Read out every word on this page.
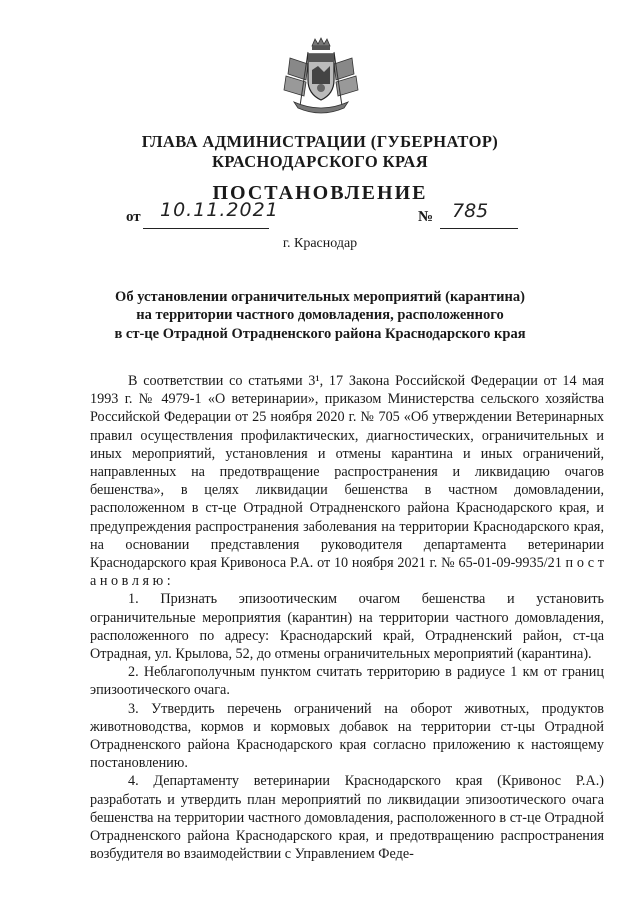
ГЛАВА АДМИНИСТРАЦИИ (ГУБЕРНАТОР)
КРАСНОДАРСКОГО КРАЯ
ПОСТАНОВЛЕНИЕ
от 10.11.2021	№ 785
г. Краснодар
Об установлении ограничительных мероприятий (карантина)
на территории частного домовладения, расположенного
в ст-це Отрадной Отрадненского района Краснодарского края

В соответствии со статьями 3¹, 17 Закона Российской Федерации от 14 мая 1993 г. № 4979-1 «О ветеринарии», приказом Министерства сельского хозяйства Российской Федерации от 25 ноября 2020 г. № 705 «Об утверждении Ветеринарных правил осуществления профилактических, диагностических, ограничительных и иных мероприятий, установления и отмены карантина и иных ограничений, направленных на предотвращение распространения и ликвидацию очагов бешенства», в целях ликвидации бешенства в частном домовладении, расположенном в ст-це Отрадной Отрадненского района Краснодарского края, и предупреждения распространения заболевания на территории Краснодарского края, на основании представления руководителя департамента ветеринарии Краснодарского края Кривоноса Р.А. от 10 ноября 2021 г. № 65-01-09-9935/21 п о с т а н о в л я ю :

1. Признать эпизоотическим очагом бешенства и установить ограничительные мероприятия (карантин) на территории частного домовладения, расположенного по адресу: Краснодарский край, Отрадненский район, ст-ца Отрадная, ул. Крылова, 52, до отмены ограничительных мероприятий (карантина).

2. Неблагополучным пунктом считать территорию в радиусе 1 км от границ эпизоотического очага.

3. Утвердить перечень ограничений на оборот животных, продуктов животноводства, кормов и кормовых добавок на территории ст-цы Отрадной Отрадненского района Краснодарского края согласно приложению к настоящему постановлению.

4. Департаменту ветеринарии Краснодарского края (Кривонос Р.А.) разработать и утвердить план мероприятий по ликвидации эпизоотического очага бешенства на территории частного домовладения, расположенного в ст-це Отрадной Отрадненского района Краснодарского края, и предотвращению распространения возбудителя во взаимодействии с Управлением Феде-
